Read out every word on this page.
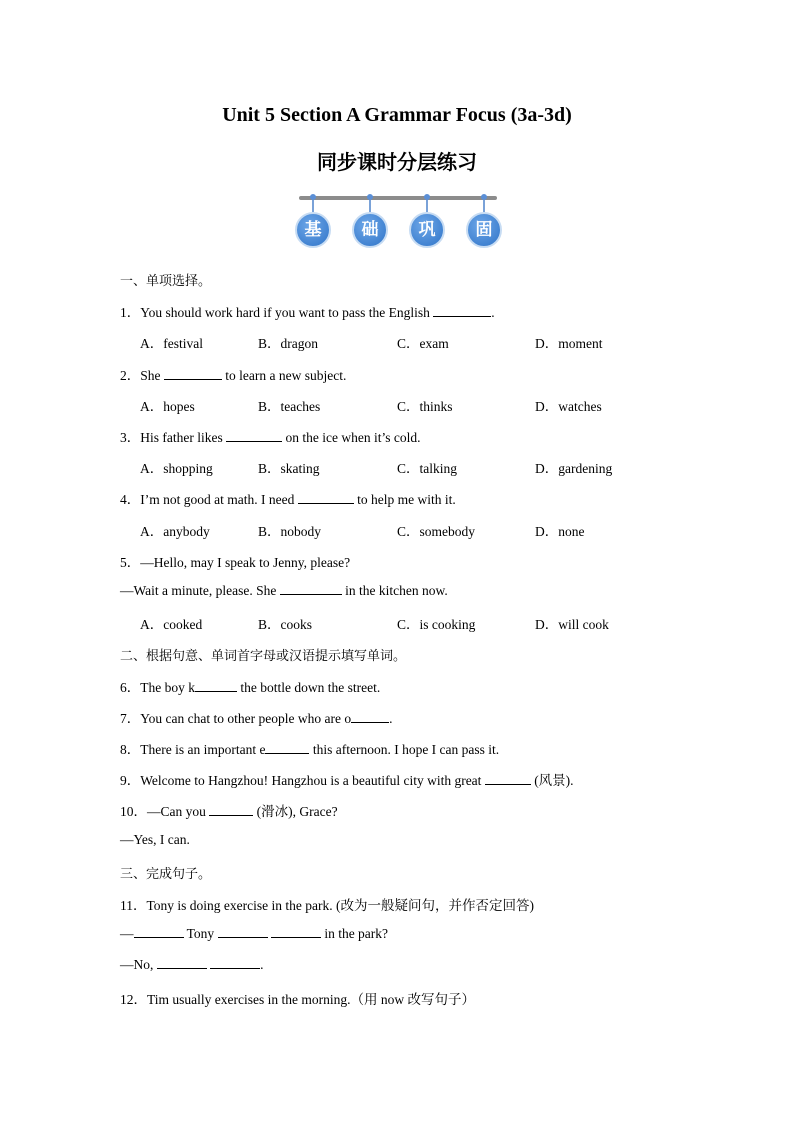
Unit 5 Section A Grammar Focus (3a-3d)
同步课时分层练习
基	础	巩	固
一、单项选择。
1．You should work hard if you want to pass the English	.
A．festival	B．dragon	C．exam	D．moment
2．She	to learn a new subject.
A．hopes	B．teaches	C．thinks	D．watches
3．His father likes	on the ice when it’s cold.
A．shopping	B．skating	C．talking	D．gardening
4．I’m not good at math. I need	to help me with it.
A．anybody	B．nobody	C．somebody	D．none
5．—Hello, may I speak to Jenny, please?
—Wait a minute, please. She	in the kitchen now.
A．cooked	B．cooks	C．is cooking	D．will cook
二、根据句意、单词首字母或汉语提示填写单词。
6．The boy k	the bottle down the street.
7．You can chat to other people who are o	.
8．There is an important e	this afternoon. I hope I can pass it.
9．Welcome to Hangzhou! Hangzhou is a beautiful city with great	(风景).
10．—Can you	(滑冰), Grace?
—Yes, I can.
三、完成句子。
11．Tony is doing exercise in the park. (改为一般疑问句，并作否定回答)
—	Tony	in the park?
—No,	.
12．Tim usually exercises in the morning.（用 now 改写句子）
